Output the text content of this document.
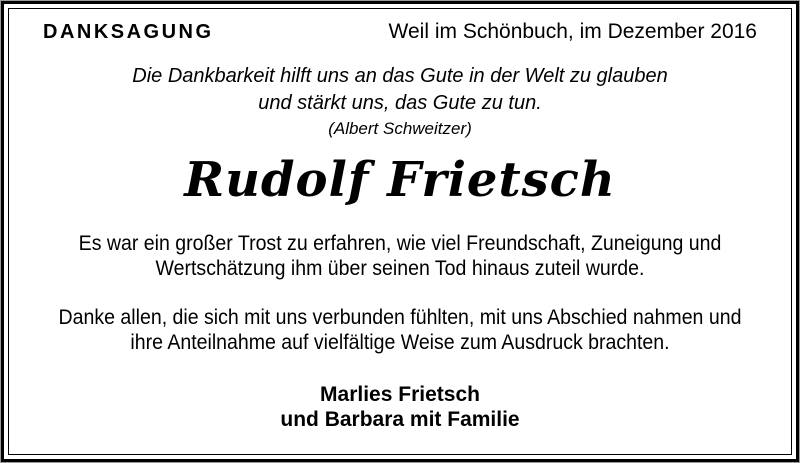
DANKSAGUNG	Weil im Schönbuch, im Dezember 2016
Die Dankbarkeit hilft uns an das Gute in der Welt zu glauben
und stärkt uns, das Gute zu tun.
(Albert Schweitzer)
Rudolf Frietsch
Es war ein großer Trost zu erfahren, wie viel Freundschaft, Zuneigung und
Wertschätzung ihm über seinen Tod hinaus zuteil wurde.
Danke allen, die sich mit uns verbunden fühlten, mit uns Abschied nahmen und
ihre Anteilnahme auf vielfältige Weise zum Ausdruck brachten.
Marlies Frietsch
und Barbara mit Familie
